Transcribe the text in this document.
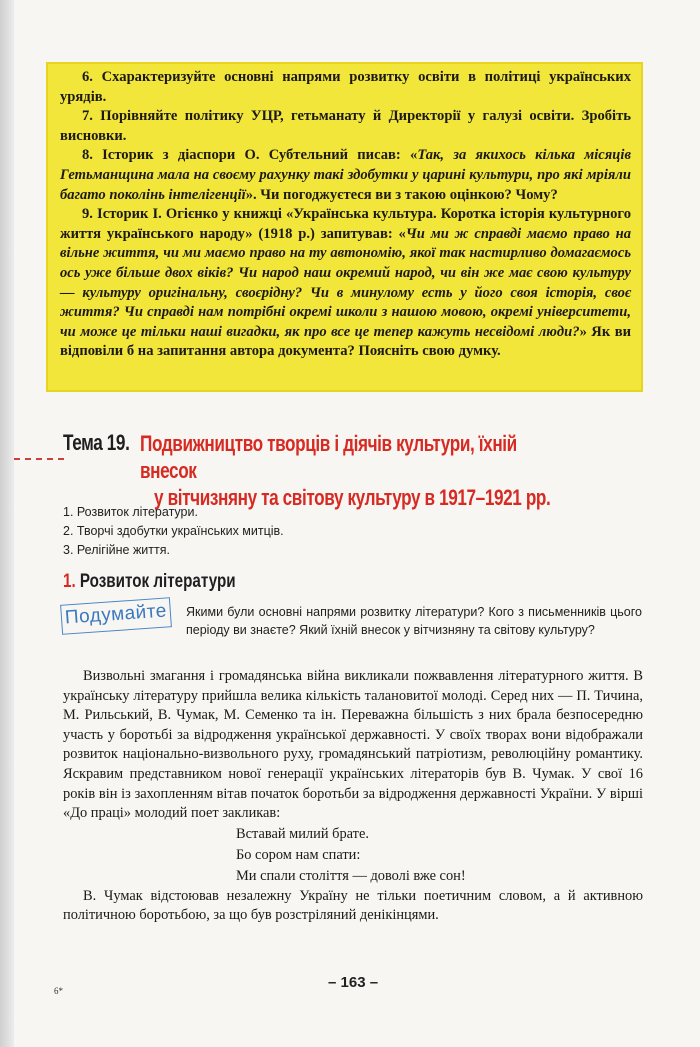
6. Схарактеризуйте основні напрями розвитку освіти в політиці українських урядів.

7. Порівняйте політику УЦР, гетьманату й Директорії у галузі освіти. Зробіть висновки.

8. Історик з діаспори О. Субтельний писав: «Так, за якихось кілька місяців Гетьманщина мала на своєму рахунку такі здобутки у царині культури, про які мріяли багато поколінь інтелігенції». Чи погоджуєтеся ви з такою оцінкою? Чому?

9. Історик І. Огієнко у книжці «Українська культура. Коротка історія культурного життя українського народу» (1918 р.) запитував: «Чи ми ж справді маємо право на вільне життя, чи ми маємо право на ту автономію, якої так настирливо домагаємось ось уже більше двох віків? Чи народ наш окремий народ, чи він же має свою культуру — культуру оригінальну, своєрідну? Чи в минулому есть у його своя історія, своє життя? Чи справді нам потрібні окремі школи з нашою мовою, окремі університети, чи може це тільки наші вигадки, як про все це тепер кажуть несвідомі люди?» Як ви відповіли б на запитання автора документа? Поясніть свою думку.

Тема 19. Подвижництво творців і діячів культури, їхній внесок
у вітчизняну та світову культуру в 1917–1921 рр.
1. Розвиток літератури.
2. Творчі здобутки українських митців.
3. Релігійне життя.
1. Розвиток літератури
Подумайте	Якими були основні напрями розвитку літератури? Кого з письменників цього періоду ви знаєте? Який їхній внесок у вітчизняну та світову культуру?

Визвольні змагання і громадянська війна викликали пожвавлення літературного життя. В українську літературу прийшла велика кількість талановитої молоді. Серед них — П. Тичина, М. Рильський, В. Чумак, М. Семенко та ін. Переважна більшість з них брала безпосередню участь у боротьбі за відродження української державності. У своїх творах вони відображали розвиток національно-визвольного руху, громадянський патріотизм, революційну романтику. Яскравим представником нової генерації українських літераторів був В. Чумак. У свої 16 років він із захопленням вітав початок боротьби за відродження державності України. У вірші «До праці» молодий поет закликав:

Вставай милий брате.
Бо сором нам спати:
Ми спали століття — доволі вже сон!

В. Чумак відстоював незалежну Україну не тільки поетичним словом, а й активною політичною боротьбою, за що був розстріляний денікінцями.

6*	– 163 –
